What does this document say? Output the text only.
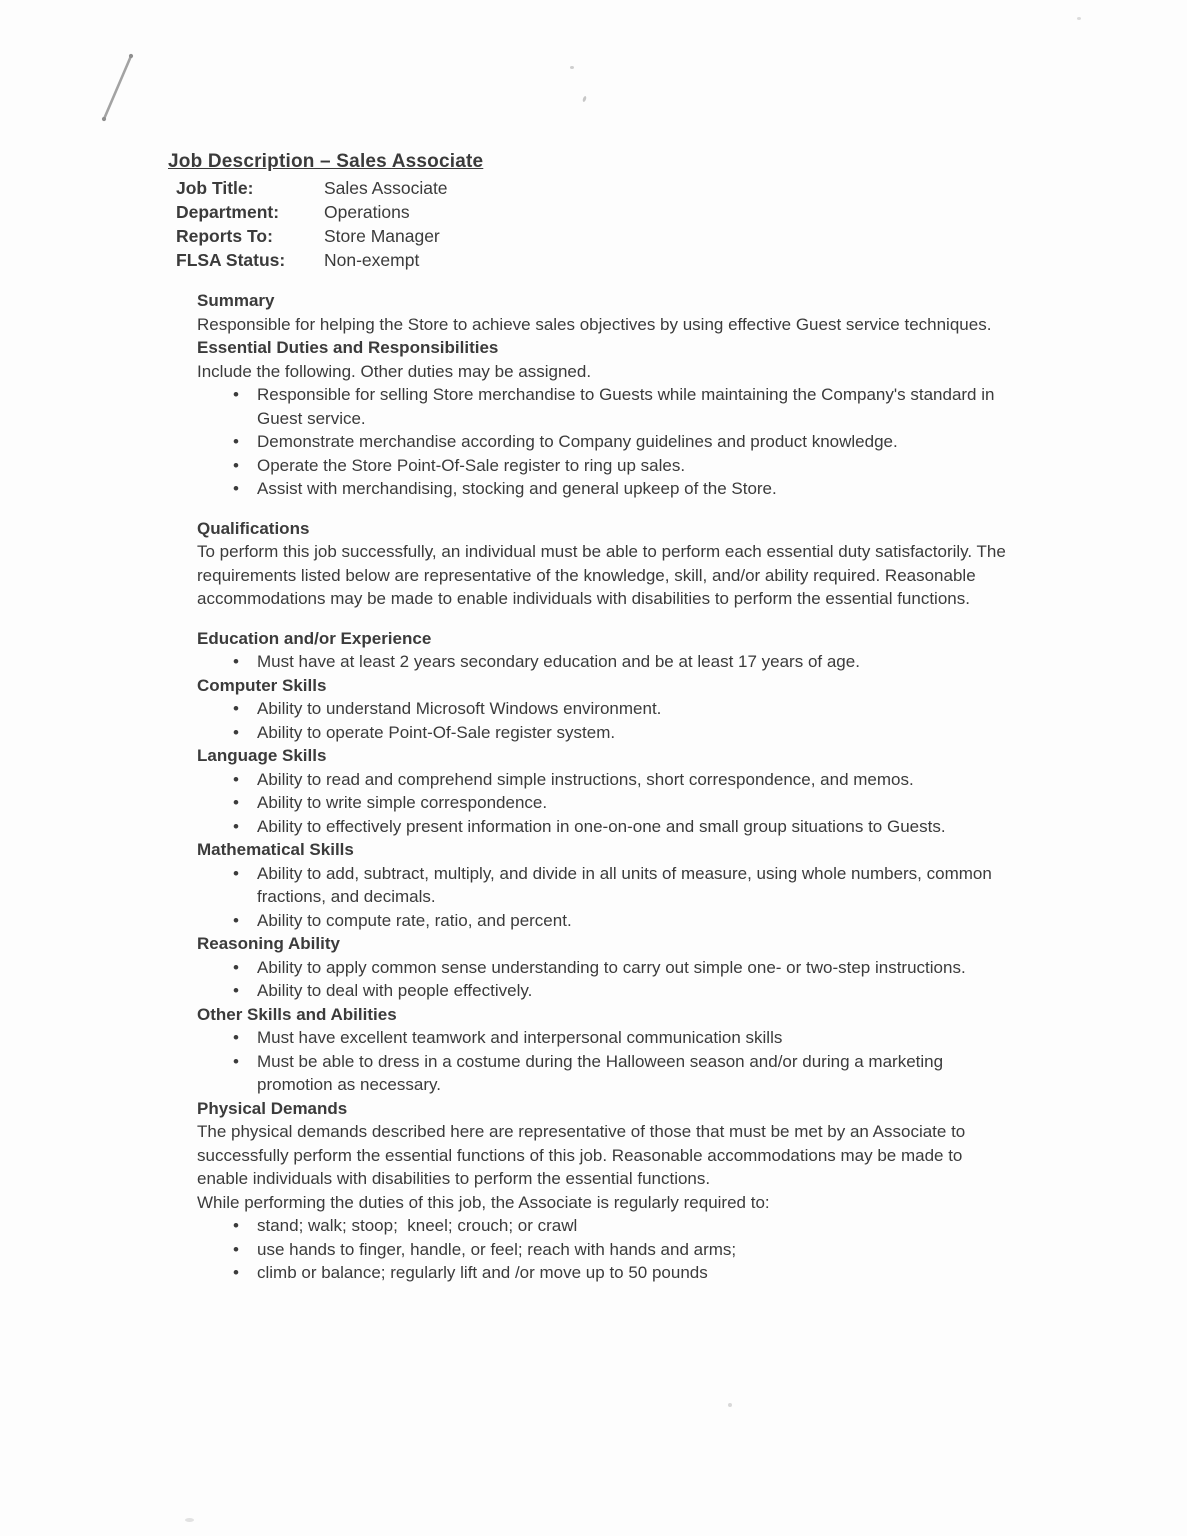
Job Description – Sales Associate
Job Title:	Sales Associate
Department:	Operations
Reports To:	Store Manager
FLSA Status:	Non-exempt
Summary

Responsible for helping the Store to achieve sales objectives by using effective Guest service techniques.

Essential Duties and Responsibilities

Include the following. Other duties may be assigned.

• Responsible for selling Store merchandise to Guests while maintaining the Company's standard in Guest service.
• Demonstrate merchandise according to Company guidelines and product knowledge.
• Operate the Store Point-Of-Sale register to ring up sales.
• Assist with merchandising, stocking and general upkeep of the Store.
Qualifications

To perform this job successfully, an individual must be able to perform each essential duty satisfactorily. The requirements listed below are representative of the knowledge, skill, and/or ability required. Reasonable accommodations may be made to enable individuals with disabilities to perform the essential functions.

Education and/or Experience
• Must have at least 2 years secondary education and be at least 17 years of age.
Computer Skills
• Ability to understand Microsoft Windows environment.
• Ability to operate Point-Of-Sale register system.
Language Skills
• Ability to read and comprehend simple instructions, short correspondence, and memos.
• Ability to write simple correspondence.
• Ability to effectively present information in one-on-one and small group situations to Guests.
Mathematical Skills
• Ability to add, subtract, multiply, and divide in all units of measure, using whole numbers, common fractions, and decimals.
• Ability to compute rate, ratio, and percent.
Reasoning Ability
• Ability to apply common sense understanding to carry out simple one- or two-step instructions.
• Ability to deal with people effectively.
Other Skills and Abilities
• Must have excellent teamwork and interpersonal communication skills
• Must be able to dress in a costume during the Halloween season and/or during a marketing promotion as necessary.
Physical Demands

The physical demands described here are representative of those that must be met by an Associate to successfully perform the essential functions of this job. Reasonable accommodations may be made to enable individuals with disabilities to perform the essential functions.

While performing the duties of this job, the Associate is regularly required to:

• stand; walk; stoop;  kneel; crouch; or crawl
• use hands to finger, handle, or feel; reach with hands and arms;
• climb or balance; regularly lift and /or move up to 50 pounds
